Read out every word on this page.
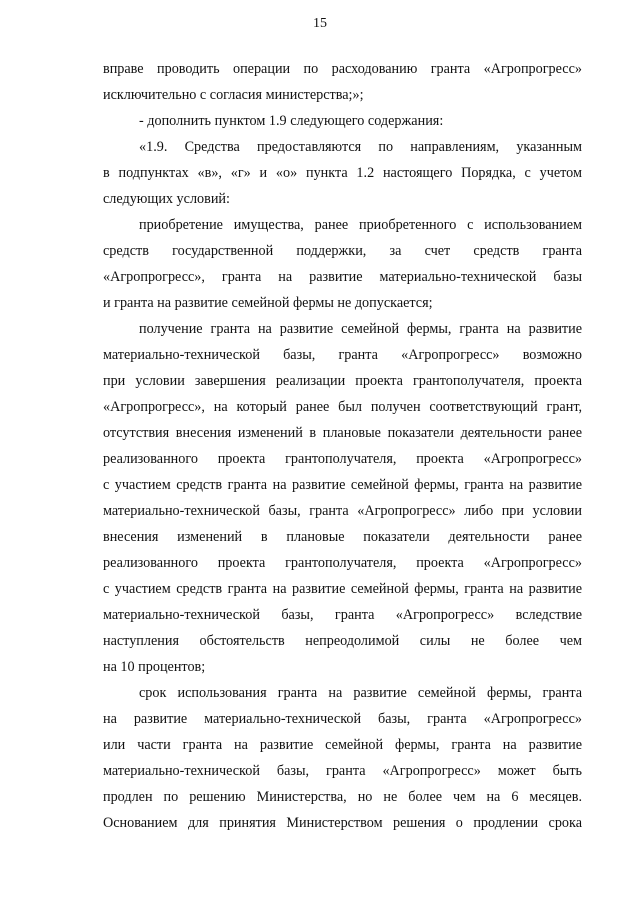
15
вправе проводить операции по расходованию гранта «Агропрогресс»
исключительно с согласия министерства;»;
- дополнить пунктом 1.9 следующего содержания:
«1.9. Средства предоставляются по направлениям, указанным
в подпунктах «в», «г» и «о» пункта 1.2 настоящего Порядка, с учетом
следующих условий:
приобретение имущества, ранее приобретенного с использованием
средств государственной поддержки, за счет средств гранта
«Агропрогресс», гранта на развитие материально-технической базы
и гранта на развитие семейной фермы не допускается;
получение гранта на развитие семейной фермы, гранта на развитие
материально-технической базы, гранта «Агропрогресс» возможно
при условии завершения реализации проекта грантополучателя, проекта
«Агропрогресс», на который ранее был получен соответствующий грант,
отсутствия внесения изменений в плановые показатели деятельности ранее
реализованного проекта грантополучателя, проекта «Агропрогресс»
с участием средств гранта на развитие семейной фермы, гранта на развитие
материально-технической базы, гранта «Агропрогресс» либо при условии
внесения изменений в плановые показатели деятельности ранее
реализованного проекта грантополучателя, проекта «Агропрогресс»
с участием средств гранта на развитие семейной фермы, гранта на развитие
материально-технической базы, гранта «Агропрогресс» вследствие
наступления обстоятельств непреодолимой силы не более чем
на 10 процентов;
срок использования гранта на развитие семейной фермы, гранта
на развитие материально-технической базы, гранта «Агропрогресс»
или части гранта на развитие семейной фермы, гранта на развитие
материально-технической базы, гранта «Агропрогресс» может быть
продлен по решению Министерства, но не более чем на 6 месяцев.
Основанием для принятия Министерством решения о продлении срока
